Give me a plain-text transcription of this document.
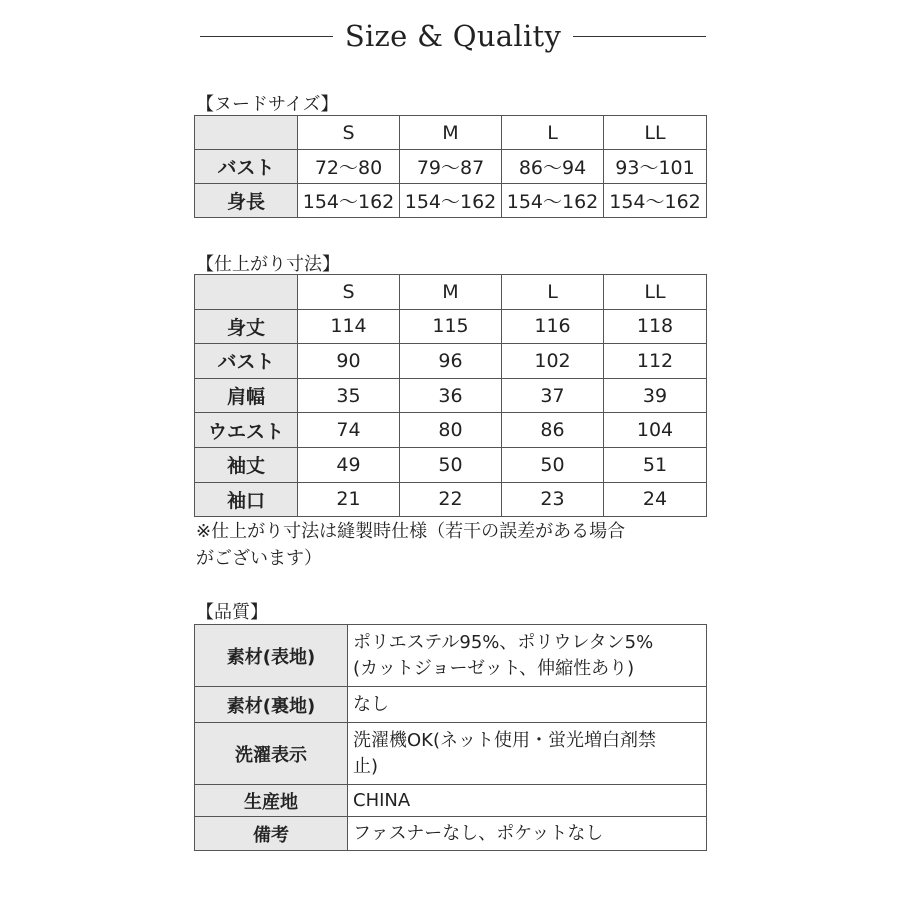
Size & Quality
【ヌードサイズ】
	S	M	L	LL
バスト	72〜80	79〜87	86〜94	93〜101
身長	154〜162	154〜162	154〜162	154〜162
【仕上がり寸法】
	S	M	L	LL
身丈	114	115	116	118
バスト	90	96	102	112
肩幅	35	36	37	39
ウエスト	74	80	86	104
袖丈	49	50	50	51
袖口	21	22	23	24
※仕上がり寸法は縫製時仕様（若干の誤差がある場合
がございます）
【品質】
素材(表地)	ポリエステル95%、ポリウレタン5%
(カットジョーゼット、伸縮性あり)

素材(裏地)	なし

洗濯表示	洗濯機OK(ネット使用・蛍光増白剤禁
止)

生産地	CHINA
備考	ファスナーなし、ポケットなし
